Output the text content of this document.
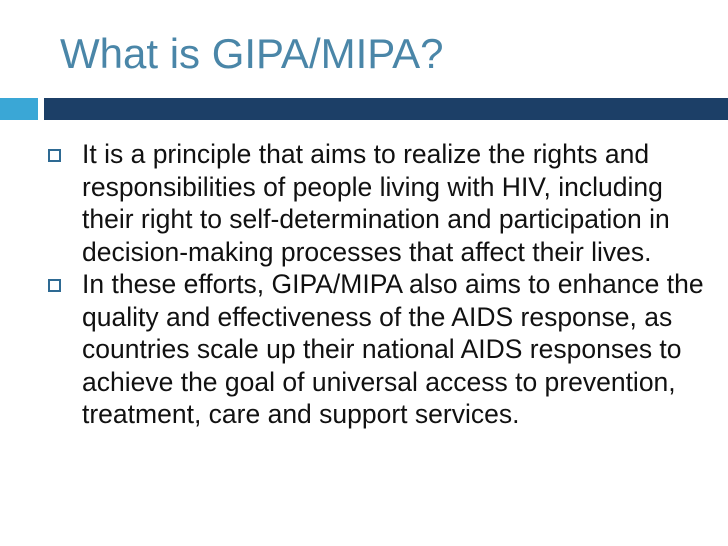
What is GIPA/MIPA?
It is a principle that aims to realize the rights and responsibilities of people living with HIV, including their right to self-determination and participation in decision-making processes that affect their lives.
In these efforts, GIPA/MIPA also aims to enhance the quality and effectiveness of the AIDS response, as countries scale up their national AIDS responses to achieve the goal of universal access to prevention, treatment, care and support services.
